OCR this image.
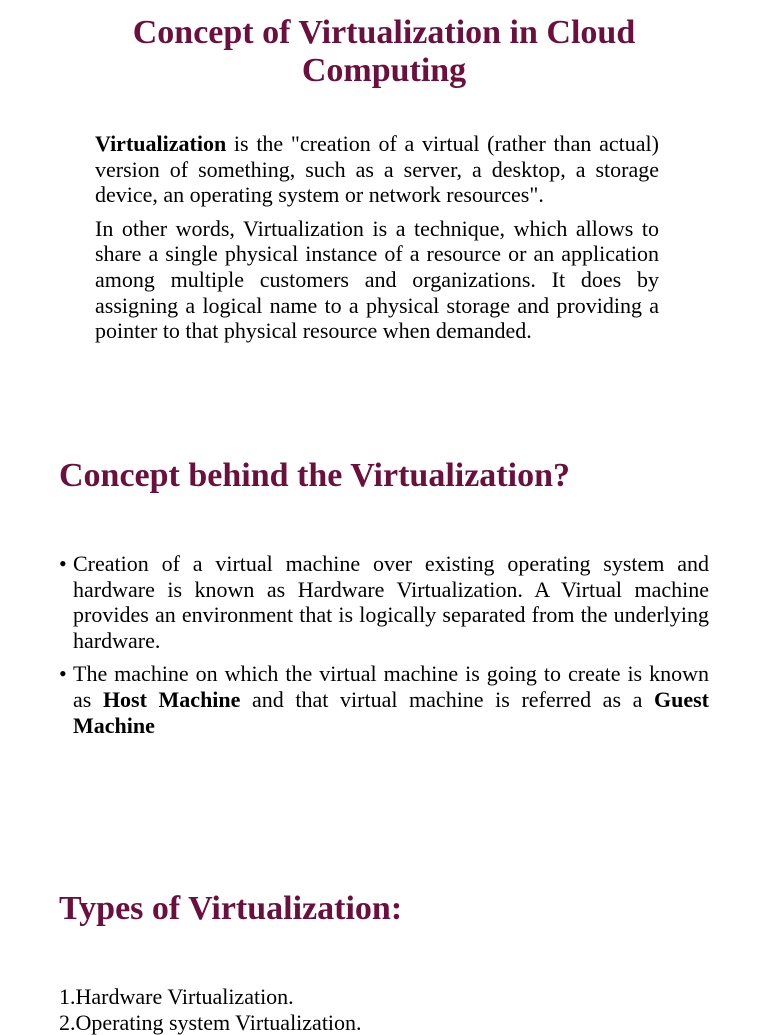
Concept of Virtualization in Cloud Computing

Virtualization is the "creation of a virtual (rather than actual) version of something, such as a server, a desktop, a storage device, an operating system or network resources".

In other words, Virtualization is a technique, which allows to share a single physical instance of a resource or an application among multiple customers and organizations. It does by assigning a logical name to a physical storage and providing a pointer to that physical resource when demanded.

Concept behind the Virtualization?
• Creation of a virtual machine over existing operating system and hardware is known as Hardware Virtualization. A Virtual machine provides an environment that is logically separated from the underlying hardware.
• The machine on which the virtual machine is going to create is known as Host Machine and that virtual machine is referred as a Guest Machine
Types of Virtualization:
1.Hardware Virtualization.
2.Operating system Virtualization.
